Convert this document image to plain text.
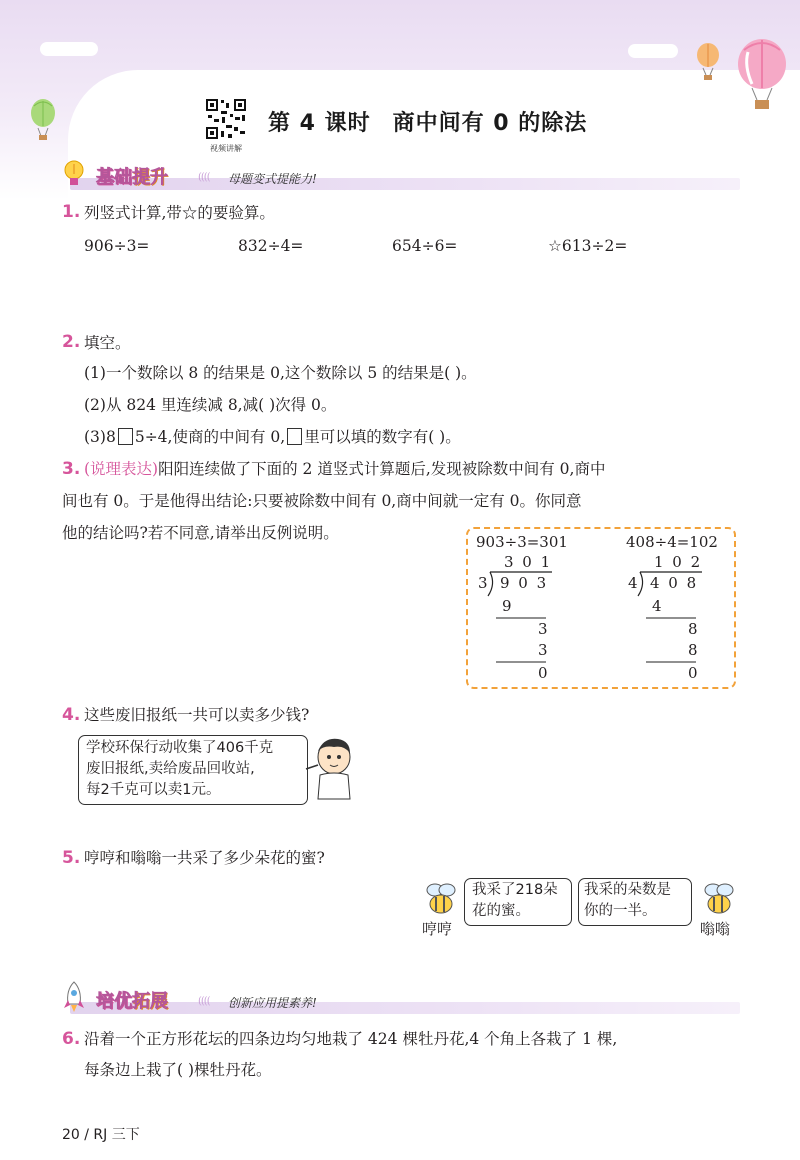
视频讲解
第 4 课时 商中间有 0 的除法
基础提升	(((( 母题变式提能力!
1. 列竖式计算,带☆的要验算。
906÷3=	832÷4=	654÷6=	☆613÷2=
2. 填空。
(1)一个数除以 8 的结果是 0,这个数除以 5 的结果是( )。
(2)从 824 里连续减 8,减( )次得 0。
(3)8 5÷4,使商的中间有 0, 里可以填的数字有( )。
3. (说理表达)阳阳连续做了下面的 2 道竖式计算题后,发现被除数中间有 0,商中
间也有 0。于是他得出结论:只要被除数中间有 0,商中间就一定有 0。你同意
他的结论吗?若不同意,请举出反例说明。	903÷3=301
3 0 1
3 9 0 3
9
3
3
0
408÷4=102
1 0 2
4 4 0 8
4
8
8
0
4. 这些废旧报纸一共可以卖多少钱?
学校环保行动收集了406千克
废旧报纸,卖给废品回收站,
每2千克可以卖1元。
5. 哼哼和嗡嗡一共采了多少朵花的蜜?
哼哼
我采了218朵
花的蜜。
我采的朵数是
你的一半。
嗡嗡
培优拓展	(((( 创新应用提素养!
6. 沿着一个正方形花坛的四条边均匀地栽了 424 棵牡丹花,4 个角上各栽了 1 棵,
每条边上栽了( )棵牡丹花。
20 / RJ 三下
